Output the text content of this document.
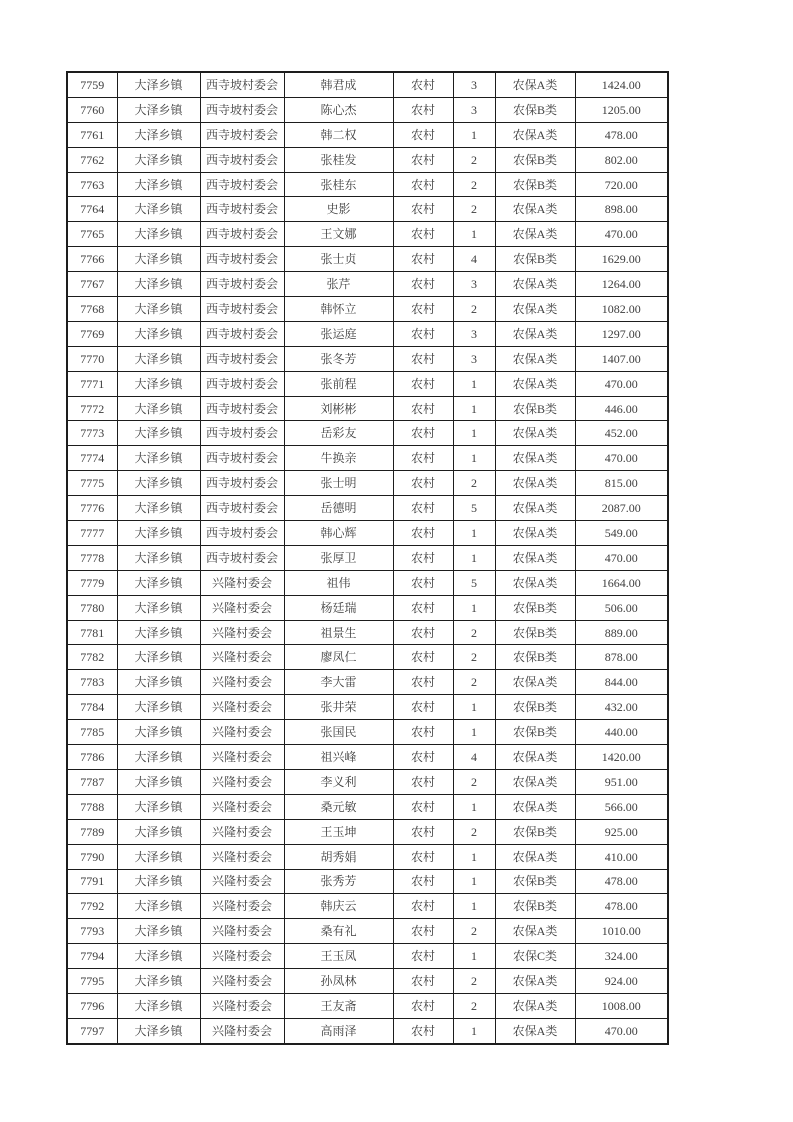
7759	大泽乡镇	西寺坡村委会	韩君成	农村	3	农保A类	1424.00
7760	大泽乡镇	西寺坡村委会	陈心杰	农村	3	农保B类	1205.00
7761	大泽乡镇	西寺坡村委会	韩二权	农村	1	农保A类	478.00
7762	大泽乡镇	西寺坡村委会	张桂发	农村	2	农保B类	802.00
7763	大泽乡镇	西寺坡村委会	张桂东	农村	2	农保B类	720.00
7764	大泽乡镇	西寺坡村委会	史影	农村	2	农保A类	898.00
7765	大泽乡镇	西寺坡村委会	王文娜	农村	1	农保A类	470.00
7766	大泽乡镇	西寺坡村委会	张士贞	农村	4	农保B类	1629.00
7767	大泽乡镇	西寺坡村委会	张芹	农村	3	农保A类	1264.00
7768	大泽乡镇	西寺坡村委会	韩怀立	农村	2	农保A类	1082.00
7769	大泽乡镇	西寺坡村委会	张运庭	农村	3	农保A类	1297.00
7770	大泽乡镇	西寺坡村委会	张冬芳	农村	3	农保A类	1407.00
7771	大泽乡镇	西寺坡村委会	张前程	农村	1	农保A类	470.00
7772	大泽乡镇	西寺坡村委会	刘彬彬	农村	1	农保B类	446.00
7773	大泽乡镇	西寺坡村委会	岳彩友	农村	1	农保A类	452.00
7774	大泽乡镇	西寺坡村委会	牛换亲	农村	1	农保A类	470.00
7775	大泽乡镇	西寺坡村委会	张士明	农村	2	农保A类	815.00
7776	大泽乡镇	西寺坡村委会	岳德明	农村	5	农保A类	2087.00
7777	大泽乡镇	西寺坡村委会	韩心辉	农村	1	农保A类	549.00
7778	大泽乡镇	西寺坡村委会	张厚卫	农村	1	农保A类	470.00
7779	大泽乡镇	兴隆村委会	祖伟	农村	5	农保A类	1664.00
7780	大泽乡镇	兴隆村委会	杨廷瑞	农村	1	农保B类	506.00
7781	大泽乡镇	兴隆村委会	祖景生	农村	2	农保B类	889.00
7782	大泽乡镇	兴隆村委会	廖凤仁	农村	2	农保B类	878.00
7783	大泽乡镇	兴隆村委会	李大雷	农村	2	农保A类	844.00
7784	大泽乡镇	兴隆村委会	张井荣	农村	1	农保B类	432.00
7785	大泽乡镇	兴隆村委会	张国民	农村	1	农保B类	440.00
7786	大泽乡镇	兴隆村委会	祖兴峰	农村	4	农保A类	1420.00
7787	大泽乡镇	兴隆村委会	李义利	农村	2	农保A类	951.00
7788	大泽乡镇	兴隆村委会	桑元敏	农村	1	农保A类	566.00
7789	大泽乡镇	兴隆村委会	王玉坤	农村	2	农保B类	925.00
7790	大泽乡镇	兴隆村委会	胡秀娟	农村	1	农保A类	410.00
7791	大泽乡镇	兴隆村委会	张秀芳	农村	1	农保B类	478.00
7792	大泽乡镇	兴隆村委会	韩庆云	农村	1	农保B类	478.00
7793	大泽乡镇	兴隆村委会	桑有礼	农村	2	农保A类	1010.00
7794	大泽乡镇	兴隆村委会	王玉凤	农村	1	农保C类	324.00
7795	大泽乡镇	兴隆村委会	孙凤林	农村	2	农保A类	924.00
7796	大泽乡镇	兴隆村委会	王友斋	农村	2	农保A类	1008.00
7797	大泽乡镇	兴隆村委会	高雨泽	农村	1	农保A类	470.00
